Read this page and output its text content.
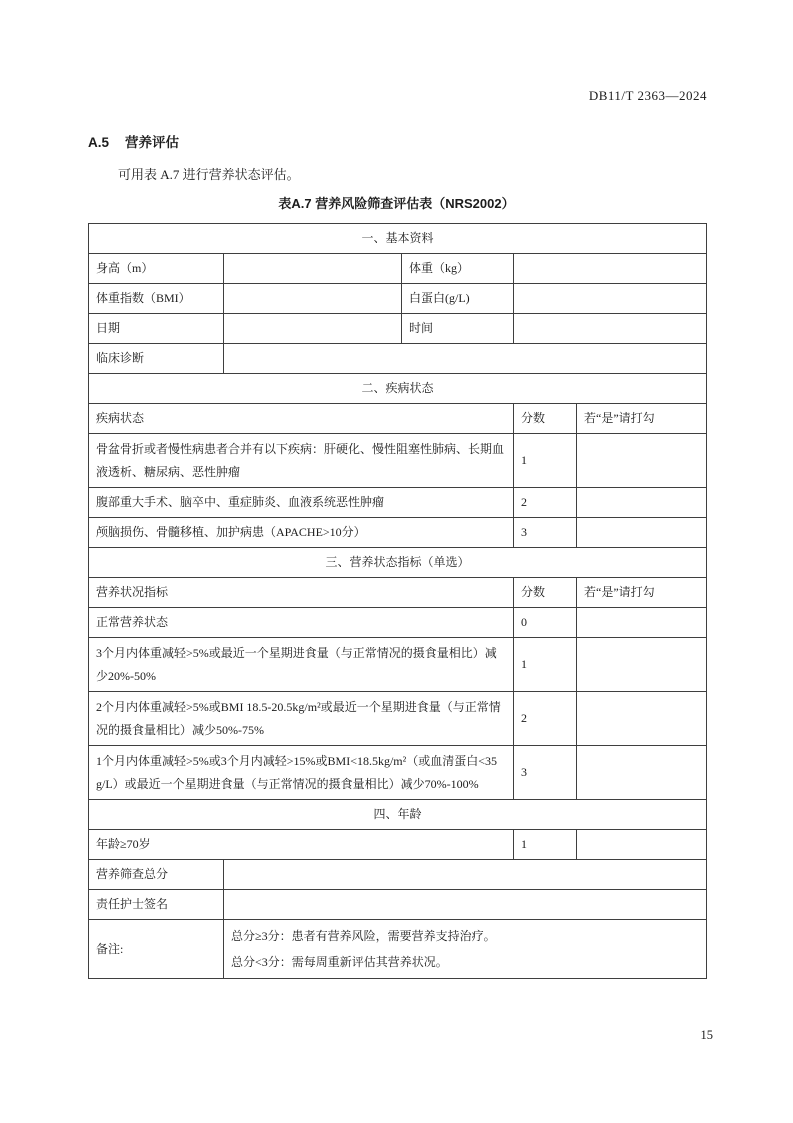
DB11/T 2363—2024
A.5 营养评估
可用表 A.7 进行营养状态评估。
表A.7 营养风险筛查评估表（NRS2002）
一、基本资料				
身高（m）		体重（kg）		
体重指数（BMI）		白蛋白(g/L)		
日期		时间		
临床诊断				
二、疾病状态				
疾病状态			分数	若“是”请打勾
骨盆骨折或者慢性病患者合并有以下疾病：肝硬化、慢性阻塞性肺病、长期血液透析、糖尿病、恶性肿瘤			1	
腹部重大手术、脑卒中、重症肺炎、血液系统恶性肿瘤			2	
颅脑损伤、骨髓移植、加护病患（APACHE>10分）			3	
三、营养状态指标（单选）				
营养状况指标			分数	若“是”请打勾
正常营养状态			0	
3个月内体重减轻>5%或最近一个星期进食量（与正常情况的摄食量相比）减少20%-50%			1	
2个月内体重减轻>5%或BMI 18.5-20.5kg/m²或最近一个星期进食量（与正常情况的摄食量相比）减少50%-75%			2	
1个月内体重减轻>5%或3个月内减轻>15%或BMI<18.5kg/m²（或血清蛋白<35g/L）或最近一个星期进食量（与正常情况的摄食量相比）减少70%-100%			3	
四、年龄				
年龄≥70岁			1	
营养筛查总分				
责任护士签名				
备注:	总分≥3分：患者有营养风险，需要营养支持治疗。
总分<3分：需每周重新评估其营养状况。			
15
